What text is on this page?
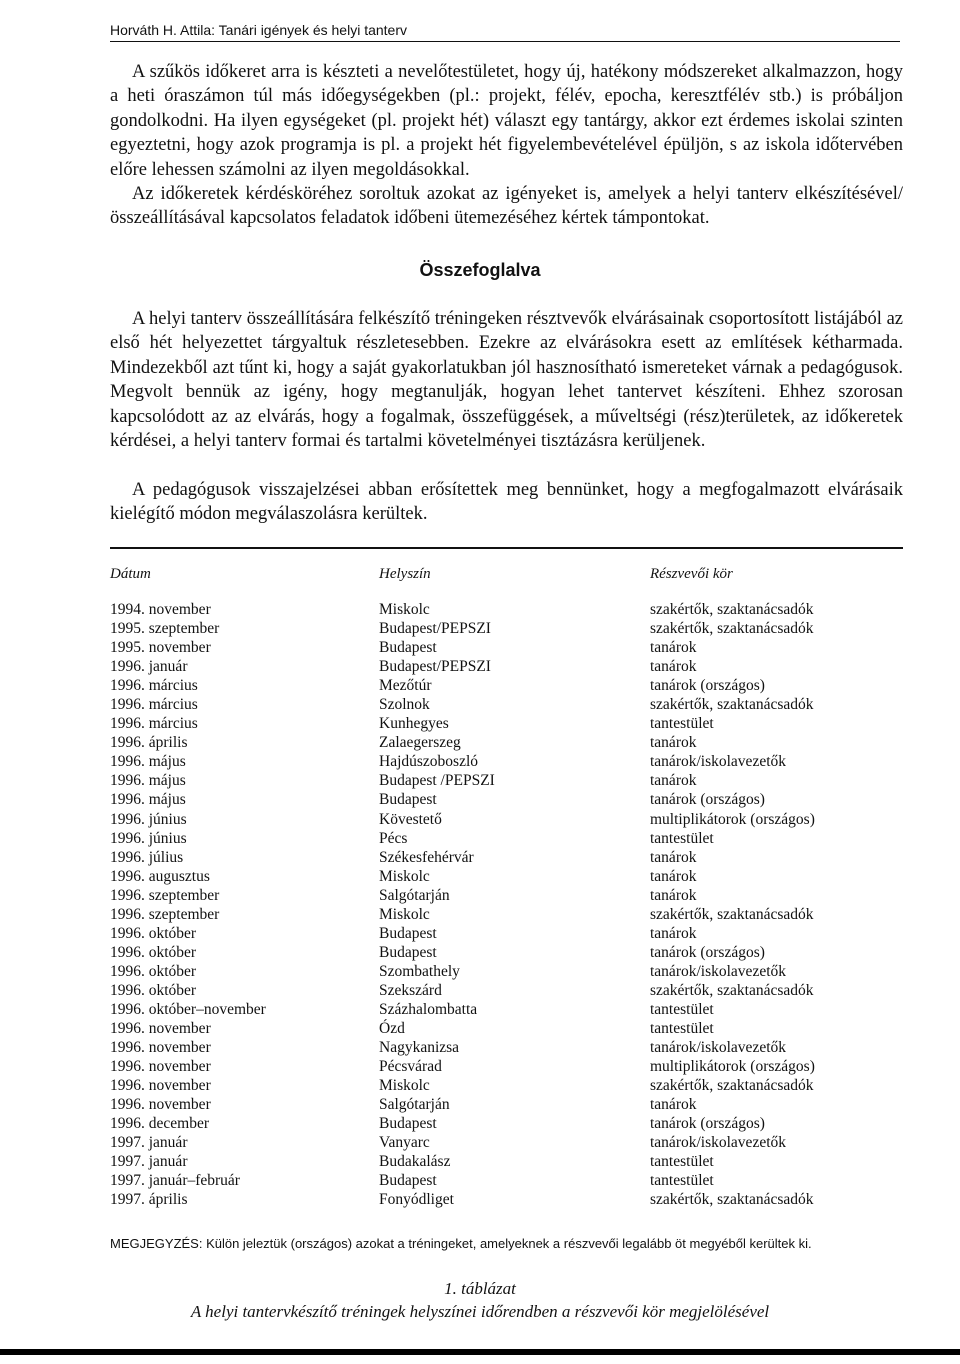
Horváth H. Attila: Tanári igények és helyi tanterv

A szűkös időkeret arra is készteti a nevelőtestületet, hogy új, hatékony módszereket alkalmazzon, hogy a heti óraszámon túl más időegységekben (pl.: projekt, félév, epocha, keresztfélév stb.) is próbáljon gondolkodni. Ha ilyen egységeket (pl. projekt hét) választ egy tantárgy, akkor ezt érdemes iskolai szinten egyeztetni, hogy azok programja is pl. a projekt hét figyelembevételével épüljön, s az iskola időtervében előre lehessen számolni az ilyen megoldásokkal.

Az időkeretek kérdésköréhez soroltuk azokat az igényeket is, amelyek a helyi tanterv elkészítésével/összeállításával kapcsolatos feladatok időbeni ütemezéséhez kértek támpontokat.

Összefoglalva

A helyi tanterv összeállítására felkészítő tréningeken résztvevők elvárásainak csoportosított listájából az első hét helyezettet tárgyaltuk részletesebben. Ezekre az elvárásokra esett az említések kétharmada. Mindezekből azt tűnt ki, hogy a saját gyakorlatukban jól hasznosítható ismereteket várnak a pedagógusok. Megvolt bennük az igény, hogy megtanulják, hogyan lehet tantervet készíteni. Ehhez szorosan kapcsolódott az az elvárás, hogy a fogalmak, összefüggések, a műveltségi (rész)területek, az időkeretek kérdései, a helyi tanterv formai és tartalmi követelményei tisztázásra kerüljenek.

A pedagógusok visszajelzései abban erősítettek meg bennünket, hogy a megfogalmazott elvárásaik kielégítő módon megválaszolásra kerültek.

Dátum	Helyszín	Részvevői kör
1994. november	Miskolc	szakértők, szaktanácsadók
1995. szeptember	Budapest/PEPSZI	szakértők, szaktanácsadók
1995. november	Budapest	tanárok
1996. január	Budapest/PEPSZI	tanárok
1996. március	Mezőtúr	tanárok (országos)
1996. március	Szolnok	szakértők, szaktanácsadók
1996. március	Kunhegyes	tantestület
1996. április	Zalaegerszeg	tanárok
1996. május	Hajdúszoboszló	tanárok/iskolavezetők
1996. május	Budapest /PEPSZI	tanárok
1996. május	Budapest	tanárok (országos)
1996. június	Kövestető	multiplikátorok (országos)
1996. június	Pécs	tantestület
1996. július	Székesfehérvár	tanárok
1996. augusztus	Miskolc	tanárok
1996. szeptember	Salgótarján	tanárok
1996. szeptember	Miskolc	szakértők, szaktanácsadók
1996. október	Budapest	tanárok
1996. október	Budapest	tanárok (országos)
1996. október	Szombathely	tanárok/iskolavezetők
1996. október	Szekszárd	szakértők, szaktanácsadók
1996. október–november	Százhalombatta	tantestület
1996. november	Ózd	tantestület
1996. november	Nagykanizsa	tanárok/iskolavezetők
1996. november	Pécsvárad	multiplikátorok (országos)
1996. november	Miskolc	szakértők, szaktanácsadók
1996. november	Salgótarján	tanárok
1996. december	Budapest	tanárok (országos)
1997. január	Vanyarc	tanárok/iskolavezetők
1997. január	Budakalász	tantestület
1997. január–február	Budapest	tantestület
1997. április	Fonyódliget	szakértők, szaktanácsadók
MEGJEGYZÉS: Külön jeleztük (országos) azokat a tréningeket, amelyeknek a részvevői legalább öt megyéből kerültek ki.
1. táblázat
A helyi tantervkészítő tréningek helyszínei időrendben a részvevői kör megjelölésével
